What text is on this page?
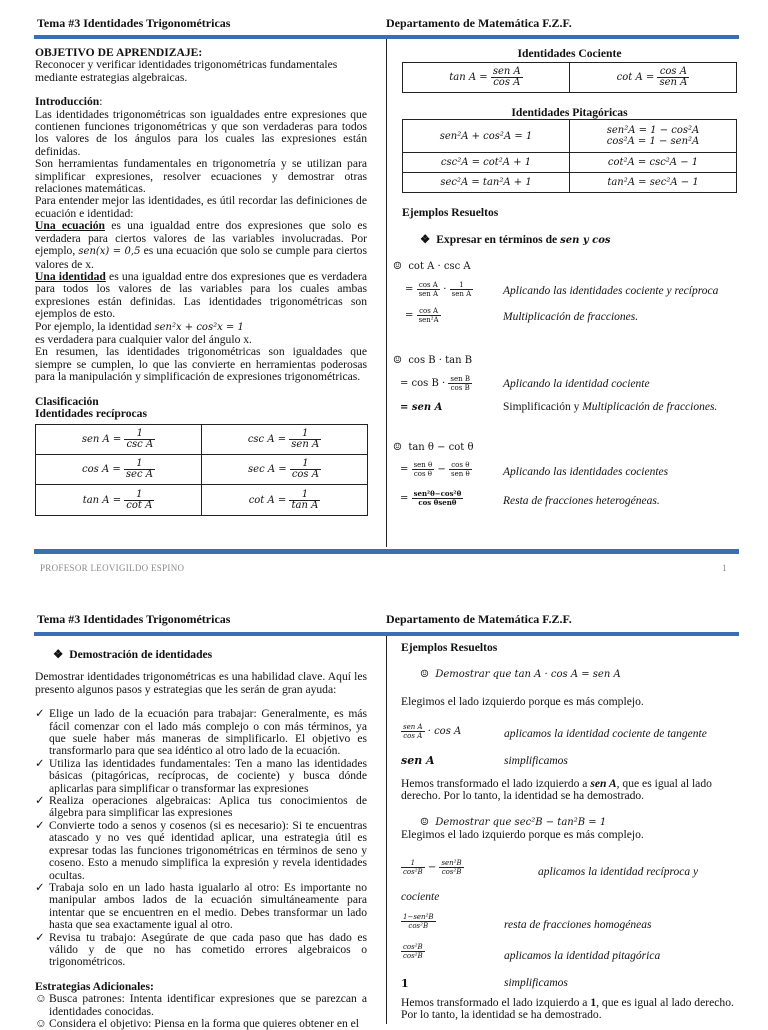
Tema #3 Identidades Trigonométricas	Departamento de Matemática F.Z.F.

OBJETIVO DE APRENDIZAJE:

Reconocer y verificar identidades trigonométricas fundamentales mediante estrategias algebraicas.

Introducción:

Las identidades trigonométricas son igualdades entre expresiones que contienen funciones trigonométricas y que son verdaderas para todos los valores de los ángulos para los cuales las expresiones están definidas.

Son herramientas fundamentales en trigonometría y se utilizan para simplificar expresiones, resolver ecuaciones y demostrar otras relaciones matemáticas.

Para entender mejor las identidades, es útil recordar las definiciones de ecuación e identidad:

Una ecuación es una igualdad entre dos expresiones que solo es verdadera para ciertos valores de las variables involucradas. Por ejemplo, sen(x) = 0,5 es una ecuación que solo se cumple para ciertos valores de x.

Una identidad es una igualdad entre dos expresiones que es verdadera para todos los valores de las variables para los cuales ambas expresiones están definidas. Las identidades trigonométricas son ejemplos de esto.

Por ejemplo, la identidad sen²x + cos²x = 1

es verdadera para cualquier valor del ángulo x.

En resumen, las identidades trigonométricas son igualdades que siempre se cumplen, lo que las convierte en herramientas poderosas para la manipulación y simplificación de expresiones trigonométricas.

Clasificación

Identidades recíprocas

sen $A = \frac{1}{\text{csc A}}$	$\csc A = \frac{1}{\text{sen A}}$

$\cos A = \frac{1}{\text{sec A}}$	$\sec A = \frac{1}{\text{cos A}}$

$\tan A = \frac{1}{\text{cot A}}$	$\cot A = \frac{1}{\text{tan A}}$
Identidades Cociente
$\tan A = \frac{\text{sen A}}{\text{cos A}}$	$\cot A = \frac{\text{cos A}}{\text{sen A}}$
Identidades Pitagóricas
sen²A + cos²A = 1	sen²A = 1 − cos²A
cos²A = 1 − sen²A

csc²A = cot²A + 1	cot²A = csc²A − 1
sec²A = tan²A + 1	tan²A = sec²A − 1
Ejemplos Resueltos
❖ Expresar en términos de sen y cos
☺ cot A · csc A
= $\frac{\text{cos A}}{\text{sen A}} \cdot \frac{1}{\text{sen A}}$	Aplicando las identidades cociente y recíproca
= $\frac{\text{cos A}}{\text{sen²A}}$	Multiplicación de fracciones.
☺ cos B · tan B
= $\cos B \cdot \frac{\text{sen B}}{\text{cos B}}$	Aplicando la identidad cociente
= sen A	Simplificación y Multiplicación de fracciones.
☺ tan θ − cot θ
= $\frac{\text{sen θ}}{\text{cos θ}} - \frac{\text{cos θ}}{\text{sen θ}}$	Aplicando las identidades cocientes
= $\frac{\text{sen²θ−cos²θ}}{\text{cos θsenθ}}$	Resta de fracciones heterogéneas.
PROFESOR LEOVIGILDO ESPINO	1
Tema #3 Identidades Trigonométricas	Departamento de Matemática F.Z.F.

❖ Demostración de identidades

Demostrar identidades trigonométricas es una habilidad clave. Aquí les presento algunos pasos y estrategias que les serán de gran ayuda:

✓ Elige un lado de la ecuación para trabajar: Generalmente, es más fácil comenzar con el lado más complejo o con más términos, ya que suele haber más maneras de simplificarlo. El objetivo es transformarlo para que sea idéntico al otro lado de la ecuación.
✓ Utiliza las identidades fundamentales: Ten a mano las identidades básicas (pitagóricas, recíprocas, de cociente) y busca dónde aplicarlas para simplificar o transformar las expresiones
✓ Realiza operaciones algebraicas: Aplica tus conocimientos de álgebra para simplificar las expresiones
✓ Convierte todo a senos y cosenos (si es necesario): Si te encuentras atascado y no ves qué identidad aplicar, una estrategia útil es expresar todas las funciones trigonométricas en términos de seno y coseno. Esto a menudo simplifica la expresión y revela identidades ocultas.
✓ Trabaja solo en un lado hasta igualarlo al otro: Es importante no manipular ambos lados de la ecuación simultáneamente para intentar que se encuentren en el medio. Debes transformar un lado hasta que sea exactamente igual al otro.
✓ Revisa tu trabajo: Asegúrate de que cada paso que has dado es válido y de que no has cometido errores algebraicos o trigonométricos.

Estrategias Adicionales:

☺ Busca patrones: Intenta identificar expresiones que se parezcan a identidades conocidas.
☺ Considera el objetivo: Piensa en la forma que quieres obtener en el
Ejemplos Resueltos
☺ Demostrar que tan A · cos A = sen A
Elegimos el lado izquierdo porque es más complejo.
$\frac{\text{sen A}}{\text{cos A}} \cdot \cos A$	aplicamos la identidad cociente de tangente
sen A	simplificamos

Hemos transformado el lado izquierdo a sen A, que es igual al lado derecho. Por lo tanto, la identidad se ha demostrado.

☺ Demostrar que sec²B − tan²B = 1
Elegimos el lado izquierdo porque es más complejo.
$\frac{1}{\text{cos²B}} - \frac{\text{sen²B}}{\text{cos²B}}$	aplicamos la identidad recíproca y
cociente
$\frac{\text{1−sen²B}}{\text{cos²B}}$	resta de fracciones homogéneas
$\frac{\text{cos²B}}{\text{cos²B}}$	aplicamos la identidad pitagórica
1	simplificamos

Hemos transformado el lado izquierdo a 1, que es igual al lado derecho. Por lo tanto, la identidad se ha demostrado.
